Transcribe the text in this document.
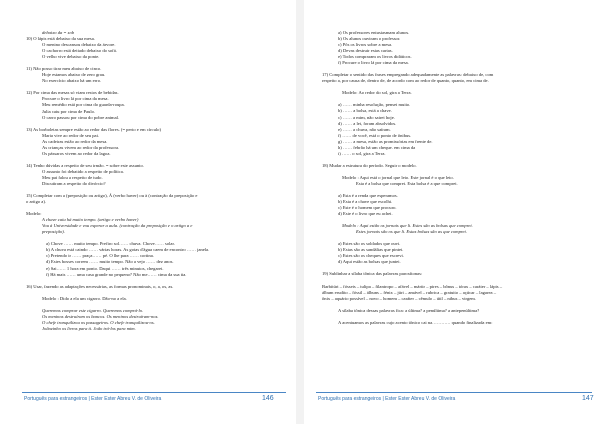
debaixo da = sob
10) O lápis está debaixo da sua mesa.
O menino descansou debaixo da árvore.
O cachorro está deitado debaixo do sofá.
O velho vive debaixo da ponte.
11) Não posso tirar meu abaixo de cinco.
Hoje estamos abaixo de zero grau.
No exercício abaixo há um erro.
12) Por cima das mesas só viam restos de bebidas.
Procure o livro lá por cima da mesa.
Meu remédio está por cima do guarda-roupa.
Julia caiu por cima de Paulo.
O carro passou por cima do pobre animal.
13) As borboletas sempre estão ao redor das flores. (= perto e em círculo)
Maria vive ao redor de seu pai.
As cadeiras estão ao redor da mesa.
As crianças vivem ao redor da professora.
Os pássaros vivem ao redor da lagoa.
14) Tenho dúvidas a respeito de seu irmão. = sobre este assunto.
O assunto foi debatido a respeito de política.
Meu pai falou a respeito de tudo.
Discutiram a respeito do divórcio?
15) Completar com a (preposição ou artigo), Á (verbo haver) ou à (contração da preposição e
o artigo a).
Modelo:
A chave caiu há muito tempo. (artigo e verbo haver)
Vou à Universidade e vou esperar a aula. (contração da preposição e o artigo a e
preposição).
a) Chove …… muito tempo. Prefiro sol…… chuva. Chove…… solar.
b) A chuva está caindo …… várias horas. As gotas d'água caem de encontro …… janela.
c) Pretendo ir …… praça…… pé. O lhe para …… cortina.
d) Estes bosses correm …… muito tempo. Não a vejo …… dez anos.
e) Sai…… 1 hora em ponto. Daqui …… três minutos, chegarei.
f) Há mais …… uma casa grande no pequeno? Não me…… cima da sua tia.
16) Usar, fazendo as adaptações necessárias, as formas pronominais, o, a, os, as.
Modelo : Dido a ela um cigarro. Dão-no a ela.
Queremos comprar este cigarro. Queremos comprá-lo.
Os meninos destruíram os bancos. Os meninos destruíram-nos.
O chefe tranquilizou os passageiros. O chefe tranquilizou-os.
Joãozinho os livros para ti. João trá-los para mim.
Português para estrangeiros | Ester Ester Abreu V. de Oliveira	146
a) Os professores entusiasmam alunos.
b) Os alunos ouviram o professor.
c) Pôs os livros sobre a mesa.
d) Devas destruir estas cartas.
e) Todos compraram os livros didáticos.
f) Procure o livro lá por cima da mesa.
17) Completar o sentido das frases empregando adequadamente as palavras: debaixo de, com
respeito a, por causa de, dentro de, de acordo com ao redor de quanto, quanto, em cima de.
Modelo: Ao redor do sol, gira a Terra.
a) …… minha resolução, pensei muito.
b) …… a bolsa, está a chave.
c) …… a mim, não sairei hoje.
d) …… a lei, foram absolvidos.
e) …… a chuva, não saíram.
f) …… de você, está o ponto de ônibus.
g) …… a mesa, estão as promissórias em frente de.
h) …… febrão há um cheque. em cima da
i) …… o sol, gira a Terra.
18) Mudar a estrutura do período. Seguir o modelo.
Modelo : Aqui está o jornal que leio. Este jornal é o que leio.
Esta é a bolsa que comprei. Esta bolsa é a que comprei.
a) Esta é a renda que esperamos.
b) Esta é a chave que escolhi.
c) Este é o homem que procuro.
d) Este é o livro que eu achei.
Modelo : Aqui estão os jornais que li. Estes são as bolsas que comprei.
Estes jornais são os que li. Estas bolsas são as que comprei.
a) Estes são os soldados que ouvi.
b) Estas são as sandálias que pintei.
c) Estes são os cheques que escrevi.
d) Aqui estão as bolsas que juntei.
19) Sublinhar a sílaba tônica das palavras paroxítonas:
Barbitúri – fósseis – tulipa – filantropo – afável – mártir – pires – bônus – tórax – caráter – lápis –
álbum erudito – fóssil – álbuns – fénix – júri – amável – rubrica – gratuito – açúcar – lagarea –
ônix – aquário possível – novo – homem – caráter – cêmulo – útil – nibus – virgem.
A sílaba tônica dessas palavras fica: a última? a penúltima? a antepenúltima?
A acentuamos as palavras cujo acento tônico cai na………… quando finalizada em:
Português para estrangeiros | Ester Ester Abreu V. de Oliveira	147
